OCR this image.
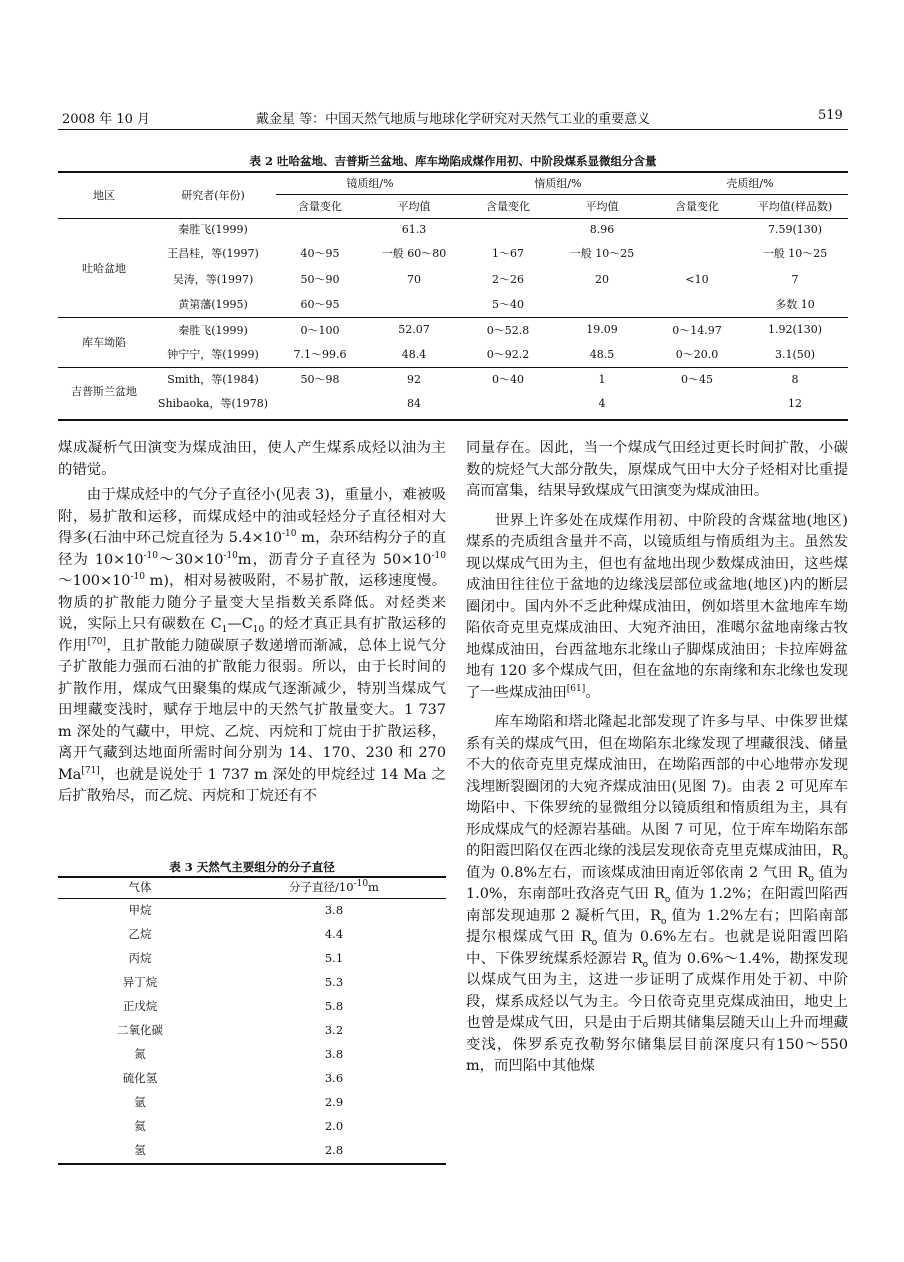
2008 年 10 月	戴金星 等：中国天然气地质与地球化学研究对天然气工业的重要意义	519
表 2 吐哈盆地、吉普斯兰盆地、库车坳陷成煤作用初、中阶段煤系显微组分含量
地区	研究者(年份)	镜质组/%		惰质组/%		壳质组/%	
		含量变化	平均值	含量变化	平均值	含量变化	平均值(样品数)
吐哈盆地	秦胜飞(1999)		61.3		8.96		7.59(130)
	王昌桂，等(1997)	40～95	一般 60～80	1～67	一般 10～25		一般 10～25
	吴涛，等(1997)	50～90	70	2～26	20	<10	7
	黄第藩(1995)	60～95		5～40			多数 10
库车坳陷	秦胜飞(1999)	0～100	52.07	0～52.8	19.09	0～14.97	1.92(130)
	钟宁宁，等(1999)	7.1～99.6	48.4	0～92.2	48.5	0～20.0	3.1(50)
吉普斯兰盆地	Smith，等(1984)	50～98	92	0～40	1	0～45	8
	Shibaoka，等(1978)		84		4		12

煤成凝析气田演变为煤成油田，使人产生煤系成烃以油为主的错觉。

由于煤成烃中的气分子直径小(见表 3)，重量小，难被吸附，易扩散和运移，而煤成烃中的油或轻烃分子直径相对大得多(石油中环己烷直径为 $5.4\times 10^{-10}$ m，杂环结构分子的直径为 $10\times 10^{-10}\sim 30\times 10^{-10}m$，沥青分子直径为 $50\times 10^{-10}$ $\sim 100\times 10^{-10}$ m)，相对易被吸附，不易扩散，运移速度慢。物质的扩散能力随分子量变大呈指数关系降低。对烃类来说，实际上只有碳数在 $C_1—C_{10}$ 的烃才真正具有扩散运移的作用[70]，且扩散能力随碳原子数递增而渐减，总体上说气分子扩散能力强而石油的扩散能力很弱。所以，由于长时间的扩散作用，煤成气田聚集的煤成气逐渐减少，特别当煤成气田埋藏变浅时，赋存于地层中的天然气扩散量变大。1 737 m 深处的气藏中，甲烷、乙烷、丙烷和丁烷由于扩散运移，离开气藏到达地面所需时间分别为 14、170、230 和 270 Ma[71]，也就是说处于 1 737 m 深处的甲烷经过 14 Ma 之后扩散殆尽，而乙烷、丙烷和丁烷还有不

表 3 天然气主要组分的分子直径
气体	分子直径$/10^{-10}m$
甲烷	3.8
乙烷	4.4
丙烷	5.1
异丁烷	5.3
正戊烷	5.8
二氧化碳	3.2
氮	3.8
硫化氢	3.6
氩	2.9
氦	2.0
氢	2.8

同量存在。因此，当一个煤成气田经过更长时间扩散，小碳数的烷烃气大部分散失，原煤成气田中大分子烃相对比重提高而富集，结果导致煤成气田演变为煤成油田。

世界上许多处在成煤作用初、中阶段的含煤盆地(地区)煤系的壳质组含量并不高，以镜质组与惰质组为主。虽然发现以煤成气田为主，但也有盆地出现少数煤成油田，这些煤成油田往往位于盆地的边缘浅层部位或盆地(地区)内的断层圈闭中。国内外不乏此种煤成油田，例如塔里木盆地库车坳陷依奇克里克煤成油田、大宛齐油田，准噶尔盆地南缘古牧地煤成油田，台西盆地东北缘山子脚煤成油田；卡拉库姆盆地有 120 多个煤成气田，但在盆地的东南缘和东北缘也发现了一些煤成油田[61]。

库车坳陷和塔北隆起北部发现了许多与早、中侏罗世煤系有关的煤成气田，但在坳陷东北缘发现了埋藏很浅、储量不大的依奇克里克煤成油田，在坳陷西部的中心地带亦发现浅埋断裂圈闭的大宛齐煤成油田(见图 7)。由表 2 可见库车坳陷中、下侏罗统的显微组分以镜质组和惰质组为主，具有形成煤成气的烃源岩基础。从图 7 可见，位于库车坳陷东部的阳霞凹陷仅在西北缘的浅层发现依奇克里克煤成油田，$R_o$ 值为 0.8%左右，而该煤成油田南近邻依南 2 气田 $R_o$ 值为 1.0%，东南部吐孜洛克气田 $R_o$ 值为 1.2%；在阳霞凹陷西南部发现迪那 2 凝析气田，$R_o$ 值为 1.2%左右；凹陷南部提尔根煤成气田 $R_o$ 值为 0.6%左右。也就是说阳霞凹陷中、下侏罗统煤系烃源岩 $R_o$ 值为 0.6%～1.4%，勘探发现以煤成气田为主，这进一步证明了成煤作用处于初、中阶段，煤系成烃以气为主。今日依奇克里克煤成油田，地史上也曾是煤成气田，只是由于后期其储集层随天山上升而埋藏变浅，侏罗系克孜勒努尔储集层目前深度只有150～550 m，而凹陷中其他煤
